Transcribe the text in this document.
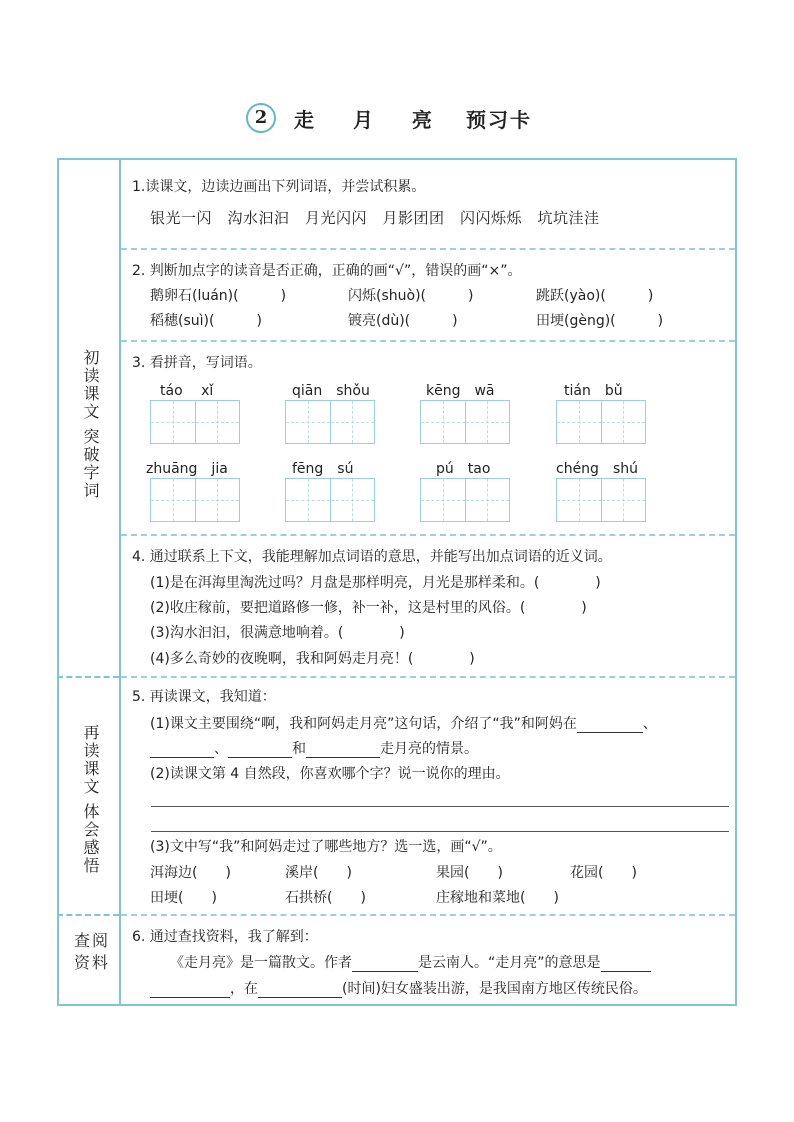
2	走 月 亮 预习卡
初读课文 突破字词
再读课文 体会感悟
查阅资料
1.读课文，边读边画出下列词语，并尝试积累。
银光一闪　沟水汩汩　月光闪闪　月影团团　闪闪烁烁　坑坑洼洼
2. 判断加点字的读音是否正确，正确的画“√”，错误的画“×”。
鹅卵石(luán)(　　　)	闪烁(shuò)(　　　)	跳跃(yào)(　　　)
稻穗(suì)(　　　)	镀亮(dù)(　　　)	田埂(gèng)(　　　)
3. 看拼音，写词语。
táo　 xǐ	qiān　shǒu	kēng　wā	tián　bǔ
zhuāng　jia	fēng　sú	pú　tao	chéng　shú
4. 通过联系上下文，我能理解加点词语的意思，并能写出加点词语的近义词。
(1)是在洱海里淘洗过吗？月盘是那样明亮，月光是那样柔和。(　　　　)
(2)收庄稼前，要把道路修一修，补一补，这是村里的风俗。(　　　　)
(3)沟水汩汩，很满意地响着。(　　　　)
(4)多么奇妙的夜晚啊，我和阿妈走月亮！(　　　　)
5. 再读课文，我知道：
(1)课文主要围绕“啊，我和阿妈走月亮”这句话，介绍了“我”和阿妈在	、
、	和	走月亮的情景。
(2)读课文第 4 自然段，你喜欢哪个字？说一说你的理由。
(3)文中写“我”和阿妈走过了哪些地方？选一选，画“√”。
洱海边(　　)	溪岸(　　)	果园(　　)	花园(　　)
田埂(　　)	石拱桥(　　)	庄稼地和菜地(　　)
6. 通过查找资料，我了解到：
《走月亮》是一篇散文。作者	是云南人。“走月亮”的意思是
，在	(时间)妇女盛装出游，是我国南方地区传统民俗。
